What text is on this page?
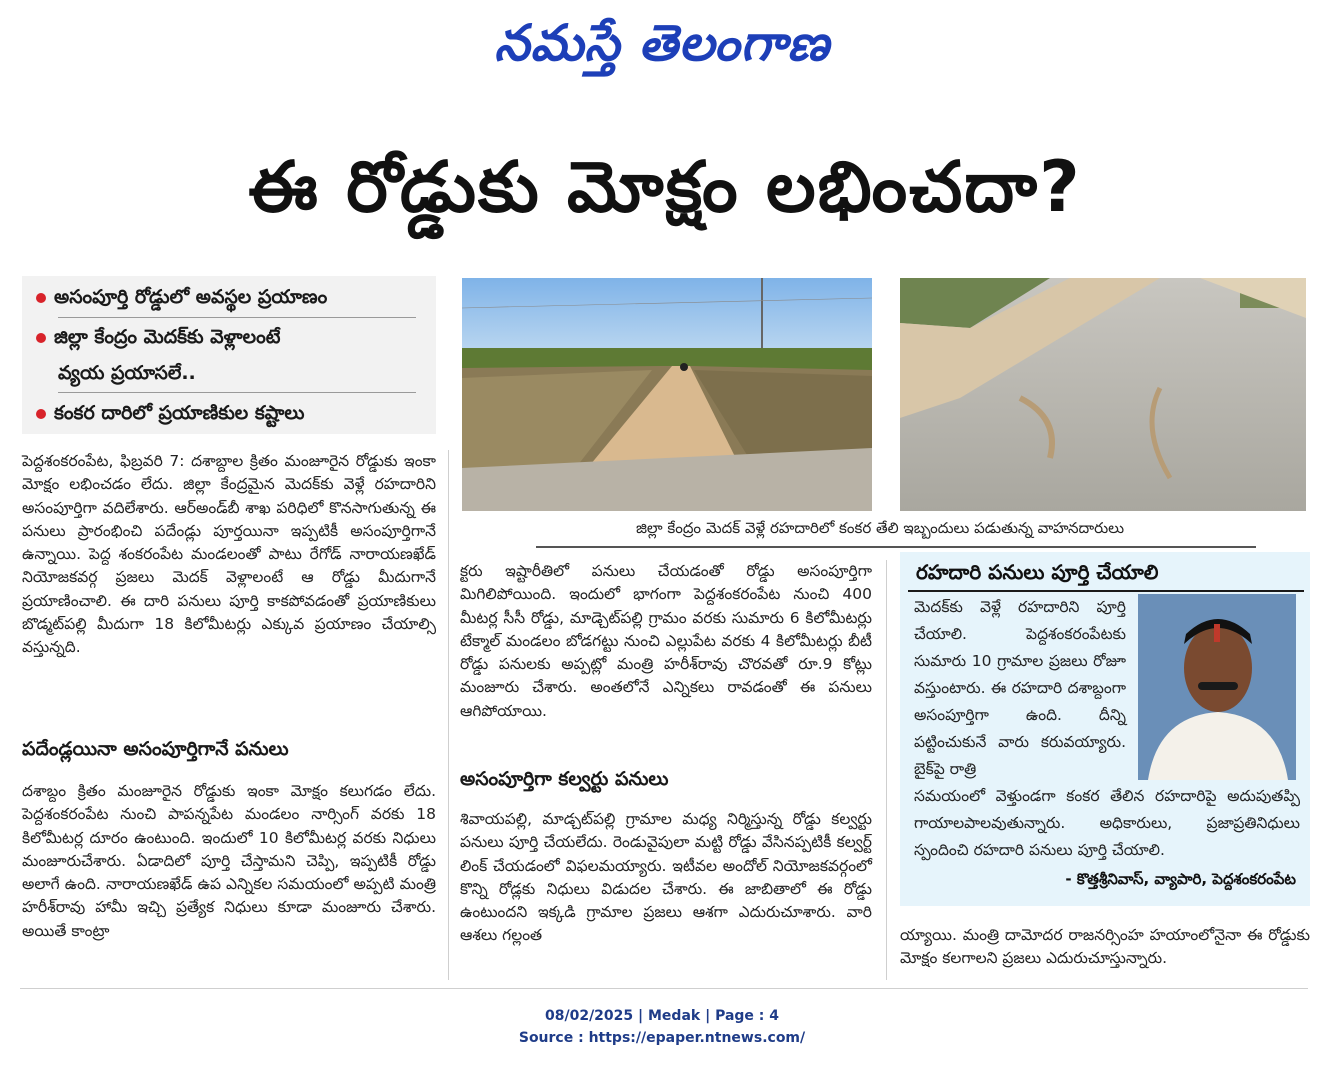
నమస్తే తెలంగాణ
ఈ రోడ్డుకు మోక్షం లభించదా?
అసంపూర్తి రోడ్డులో అవస్థల ప్రయాణం
జిల్లా కేంద్రం మెదక్‌కు వెళ్లాలంటే
వ్యయ ప్రయాసలే..
కంకర దారిలో ప్రయాణికుల కష్టాలు

పెద్దశంకరంపేట, ఫిబ్రవరి 7: దశాబ్దాల క్రితం మంజూరైన రోడ్డుకు ఇంకా మోక్షం లభించడం లేదు. జిల్లా కేంద్రమైన మెదక్‌కు వెళ్లే రహదారిని అసంపూర్తిగా వదిలేశారు. ఆర్‌అండ్‌బీ శాఖ పరిధిలో కొనసాగుతున్న ఈ పనులు ప్రారంభించి పదేండ్లు పూర్తయినా ఇప్పటికీ అసంపూర్తిగానే ఉన్నాయి. పెద్ద శంకరంపేట మండలంతో పాటు రేగోడ్ నారాయణఖేడ్ నియోజకవర్గ ప్రజలు మెదక్ వెళ్లాలంటే ఆ రోడ్డు మీదుగానే ప్రయాణించాలి. ఈ దారి పనులు పూర్తి కాకపోవడంతో ప్రయాణికులు బొడ్మట్‌పల్లి మీదుగా 18 కిలోమీటర్లు ఎక్కువ ప్రయాణం చేయాల్సి వస్తున్నది.

పదేండ్లయినా అసంపూర్తిగానే పనులు

దశాబ్దం క్రితం మంజూరైన రోడ్డుకు ఇంకా మోక్షం కలుగడం లేదు. పెద్దశంకరంపేట నుంచి పాపన్నపేట మండలం నార్సింగ్ వరకు 18 కిలోమీటర్ల దూరం ఉంటుంది. ఇందులో 10 కిలోమీటర్ల వరకు నిధులు మంజూరుచేశారు. ఏడాదిలో పూర్తి చేస్తామని చెప్పి, ఇప్పటికీ రోడ్డు అలాగే ఉంది. నారాయణఖేడ్ ఉప ఎన్నికల సమయంలో అప్పటి మంత్రి హరీశ్‌రావు హామీ ఇచ్చి ప్రత్యేక నిధులు కూడా మంజూరు చేశారు. అయితే కాంట్రా

జిల్లా కేంద్రం మెదక్ వెళ్లే రహదారిలో కంకర తేలి ఇబ్బందులు పడుతున్న వాహనదారులు

క్టరు ఇష్టారీతిలో పనులు చేయడంతో రోడ్డు అసంపూర్తిగా మిగిలిపోయింది. ఇందులో భాగంగా పెద్దశంకరంపేట నుంచి 400 మీటర్ల సీసీ రోడ్డు, మాడ్చెట్‌పల్లి గ్రామం వరకు సుమారు 6 కిలోమీటర్లు టేక్మాల్ మండలం బోడగట్టు నుంచి ఎల్లుపేట వరకు 4 కిలోమీటర్లు బీటీ రోడ్డు పనులకు అప్పట్లో మంత్రి హరీశ్‌రావు చొరవతో రూ.9 కోట్లు మంజూరు చేశారు. అంతలోనే ఎన్నికలు రావడంతో ఈ పనులు ఆగిపోయాయి.

అసంపూర్తిగా కల్వర్టు పనులు

శివాయపల్లి, మాడ్చట్‌పల్లి గ్రామాల మధ్య నిర్మిస్తున్న రోడ్డు కల్వర్టు పనులు పూర్తి చేయలేదు. రెండువైపులా మట్టి రోడ్డు వేసినప్పటికీ కల్వర్ట్ లింక్ చేయడంలో విఫలమయ్యారు. ఇటీవల అందోల్ నియోజకవర్గంలో కొన్ని రోడ్లకు నిధులు విడుదల చేశారు. ఈ జాబితాలో ఈ రోడ్డు ఉంటుందని ఇక్కడి గ్రామాల ప్రజలు ఆశగా ఎదురుచూశారు. వారి ఆశలు గల్లంత

రహదారి పనులు పూర్తి చేయాలి
మెదక్‌కు వెళ్లే రహదారిని పూర్తి చేయాలి. పెద్దశంకరంపేటకు సుమారు 10 గ్రామాల ప్రజలు రోజూ వస్తుంటారు. ఈ రహదారి దశాబ్దంగా అసంపూర్తిగా ఉంది. దీన్ని పట్టించుకునే వారు కరువయ్యారు. బైక్‌పై రాత్రి
సమయంలో వెళ్తుండగా కంకర తేలిన రహదారిపై అదుపుతప్పి గాయాలపాలవుతున్నారు. అధికారులు, ప్రజాప్రతినిధులు స్పందించి రహదారి పనులు పూర్తి చేయాలి.
- కొత్తశ్రీనివాస్, వ్యాపారి, పెద్దశంకరంపేట

య్యాయి. మంత్రి దామోదర రాజనర్సింహ హయాంలోనైనా ఈ రోడ్డుకు మోక్షం కలగాలని ప్రజలు ఎదురుచూస్తున్నారు.

08/02/2025 | Medak | Page : 4
Source : https://epaper.ntnews.com/
